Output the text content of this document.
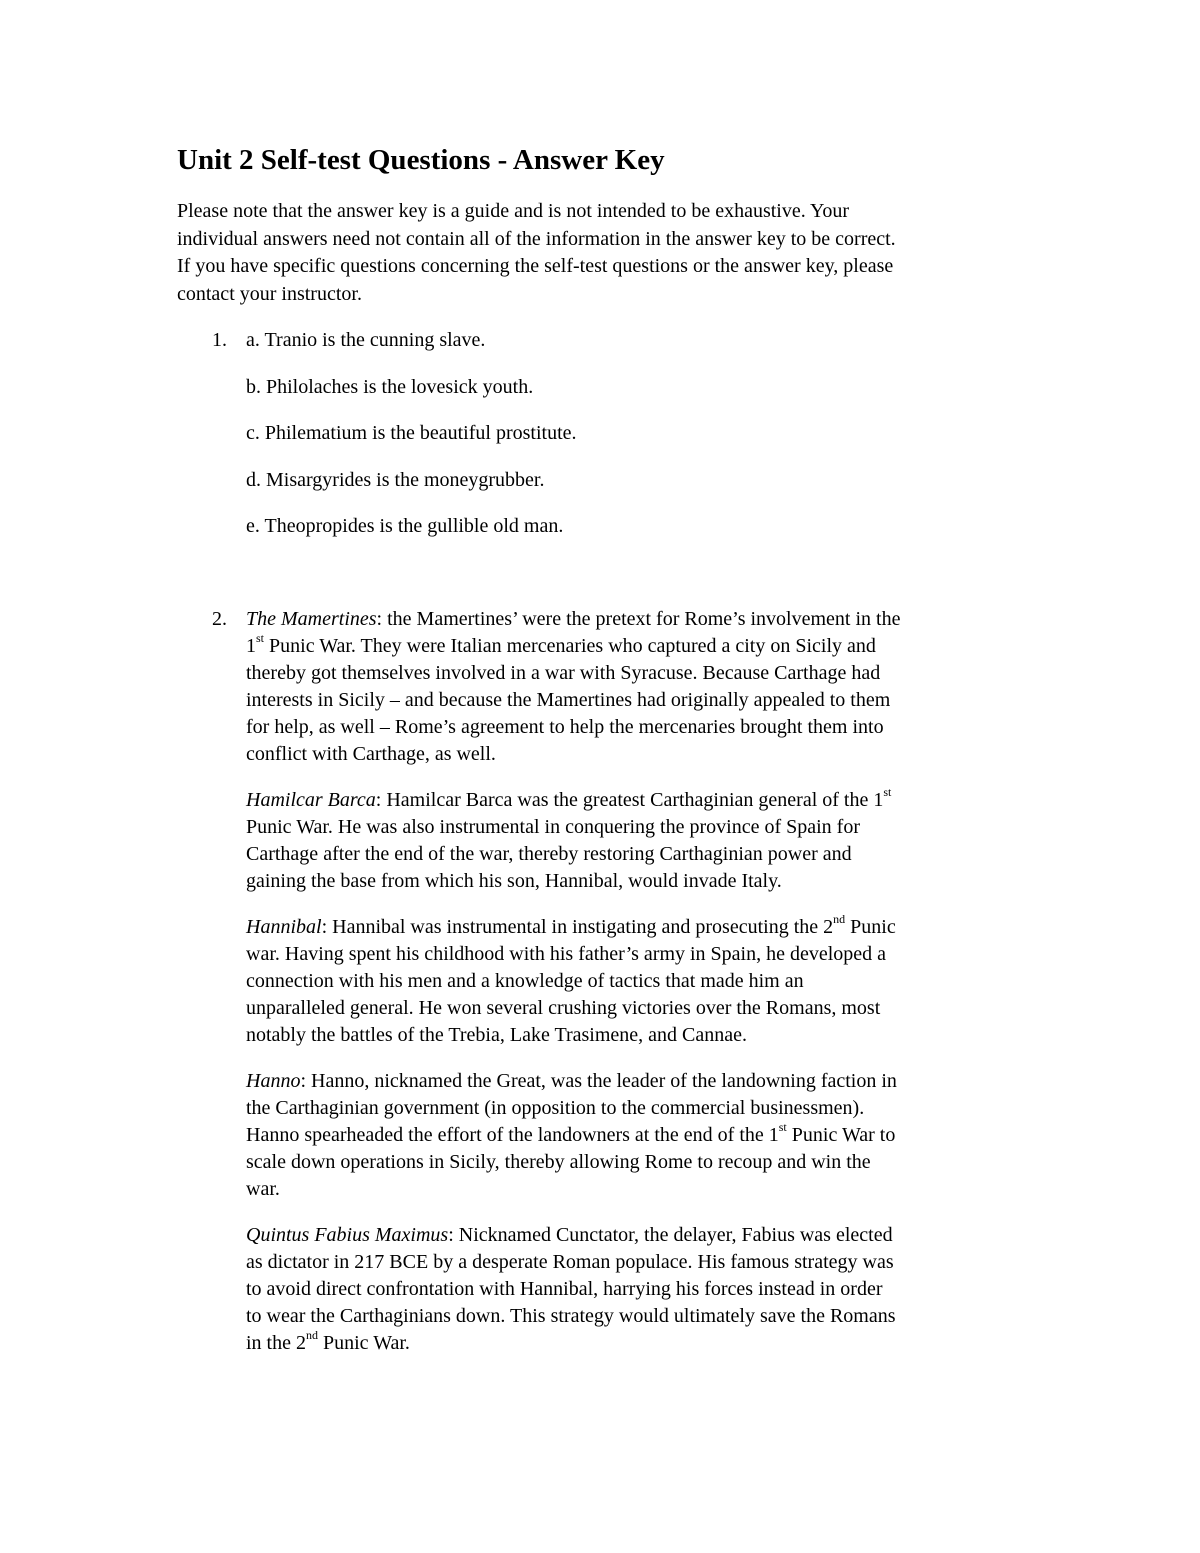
Unit 2 Self-test Questions - Answer Key
Please note that the answer key is a guide and is not intended to be exhaustive. Your
individual answers need not contain all of the information in the answer key to be correct.
If you have specific questions concerning the self-test questions or the answer key, please
contact your instructor.
1. a. Tranio is the cunning slave.
b. Philolaches is the lovesick youth.
c. Philematium is the beautiful prostitute.
d. Misargyrides is the moneygrubber.
e. Theopropides is the gullible old man.
2. The Mamertines: the Mamertines’ were the pretext for Rome’s involvement in the
1st Punic War. They were Italian mercenaries who captured a city on Sicily and
thereby got themselves involved in a war with Syracuse. Because Carthage had
interests in Sicily – and because the Mamertines had originally appealed to them
for help, as well – Rome’s agreement to help the mercenaries brought them into
conflict with Carthage, as well.
Hamilcar Barca: Hamilcar Barca was the greatest Carthaginian general of the 1st
Punic War. He was also instrumental in conquering the province of Spain for
Carthage after the end of the war, thereby restoring Carthaginian power and
gaining the base from which his son, Hannibal, would invade Italy.
Hannibal: Hannibal was instrumental in instigating and prosecuting the 2nd Punic
war. Having spent his childhood with his father’s army in Spain, he developed a
connection with his men and a knowledge of tactics that made him an
unparalleled general. He won several crushing victories over the Romans, most
notably the battles of the Trebia, Lake Trasimene, and Cannae.
Hanno: Hanno, nicknamed the Great, was the leader of the landowning faction in
the Carthaginian government (in opposition to the commercial businessmen).
Hanno spearheaded the effort of the landowners at the end of the 1st Punic War to
scale down operations in Sicily, thereby allowing Rome to recoup and win the
war.
Quintus Fabius Maximus: Nicknamed Cunctator, the delayer, Fabius was elected
as dictator in 217 BCE by a desperate Roman populace. His famous strategy was
to avoid direct confrontation with Hannibal, harrying his forces instead in order
to wear the Carthaginians down. This strategy would ultimately save the Romans
in the 2nd Punic War.
